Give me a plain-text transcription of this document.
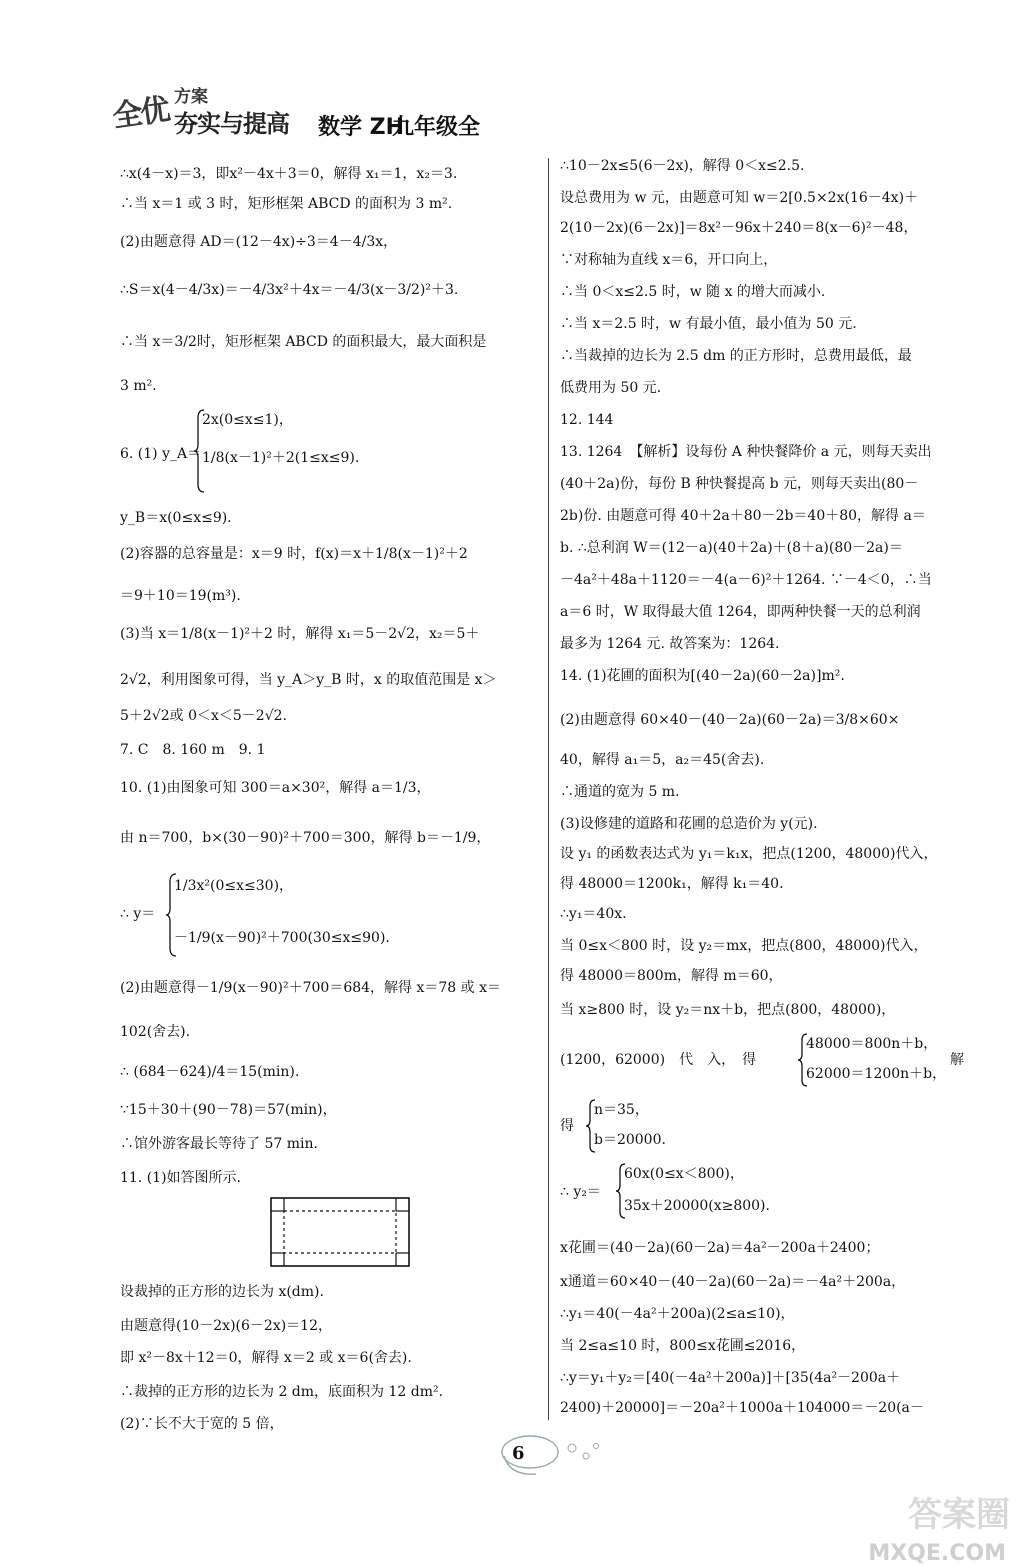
全优 方案
夯实与提高 数学 ZH
九年级全
∴x(4－x)＝3，即x²－4x＋3＝0，解得 x₁＝1，x₂＝3.
∴当 x＝1 或 3 时，矩形框架 ABCD 的面积为 3 m².
(2)由题意得 AD＝(12－4x)÷3＝4－4/3x，
∴S＝x(4－4/3x)＝－4/3x²＋4x＝－4/3(x－3/2)²＋3.
∴当 x＝3/2时，矩形框架 ABCD 的面积最大，最大面积是
3 m².
2x(0≤x≤1)，
6. (1) y_A＝ 1/8(x－1)²＋2(1≤x≤9).
y_B＝x(0≤x≤9).
(2)容器的总容量是：x＝9 时，f(x)＝x＋1/8(x－1)²＋2
＝9＋10＝19(m³).
(3)当 x＝1/8(x－1)²＋2 时，解得 x₁＝5－2√2，x₂＝5＋
2√2，利用图象可得，当 y_A＞y_B 时，x 的取值范围是 x＞
5＋2√2或 0＜x＜5－2√2.
7. C　8. 160 m　9. 1
10. (1)由图象可知 300＝a×30²，解得 a＝1/3，
由 n＝700，b×(30－90)²＋700＝300，解得 b＝－1/9，
1/3x²(0≤x≤30)，
∴ y＝
－1/9(x－90)²＋700(30≤x≤90).
(2)由题意得－1/9(x－90)²＋700＝684，解得 x＝78 或 x＝
102(舍去).
∴ (684－624)/4＝15(min).
∵15＋30＋(90－78)＝57(min)，
∴馆外游客最长等待了 57 min.
11. (1)如答图所示.
设裁掉的正方形的边长为 x(dm).
由题意得(10－2x)(6－2x)＝12，
即 x²－8x＋12＝0，解得 x＝2 或 x＝6(舍去).
∴裁掉的正方形的边长为 2 dm，底面积为 12 dm².
(2)∵长不大于宽的 5 倍，
∴10－2x≤5(6－2x)，解得 0＜x≤2.5.
设总费用为 w 元，由题意可知 w＝2[0.5×2x(16－4x)＋
2(10－2x)(6－2x)]＝8x²－96x＋240＝8(x－6)²－48，
∵对称轴为直线 x＝6，开口向上，
∴当 0＜x≤2.5 时，w 随 x 的增大而减小.
∴当 x＝2.5 时，w 有最小值，最小值为 50 元.
∴当裁掉的边长为 2.5 dm 的正方形时，总费用最低，最
低费用为 50 元.
12. 144
13. 1264　【解析】设每份 A 种快餐降价 a 元，则每天卖出
(40＋2a)份，每份 B 种快餐提高 b 元，则每天卖出(80－
2b)份. 由题意可得 40＋2a＋80－2b＝40＋80，解得 a＝
b. ∴总利润 W＝(12－a)(40＋2a)＋(8＋a)(80－2a)＝
－4a²＋48a＋1120＝－4(a－6)²＋1264. ∵－4＜0，∴当
a＝6 时，W 取得最大值 1264，即两种快餐一天的总利润
最多为 1264 元. 故答案为：1264.
14. (1)花圃的面积为[(40－2a)(60－2a)]m².
(2)由题意得 60×40－(40－2a)(60－2a)＝3/8×60×
40，解得 a₁＝5，a₂＝45(舍去).
∴通道的宽为 5 m.
(3)设修建的道路和花圃的总造价为 y(元).
设 y₁ 的函数表达式为 y₁＝k₁x，把点(1200，48000)代入，
得 48000＝1200k₁，解得 k₁＝40.
∴y₁＝40x.
当 0≤x＜800 时，设 y₂＝mx，把点(800，48000)代入，
得 48000＝800m，解得 m＝60，
当 x≥800 时，设 y₂＝nx＋b，把点(800，48000)，
(1200，62000)　代　入，　得
48000＝800n＋b，
62000＝1200n＋b，
解
得
n＝35，
b＝20000.
∴ y₂＝
60x(0≤x＜800)，
35x＋20000(x≥800).
x花圃＝(40－2a)(60－2a)＝4a²－200a＋2400；
x通道＝60×40－(40－2a)(60－2a)＝－4a²＋200a，
∴y₁＝40(－4a²＋200a)(2≤a≤10)，
当 2≤a≤10 时，800≤x花圃≤2016，
∴y＝y₁＋y₂＝[40(－4a²＋200a)]＋[35(4a²－200a＋
2400)＋20000]＝－20a²＋1000a＋104000＝－20(a－
6
答案圈
MXQE.COM
